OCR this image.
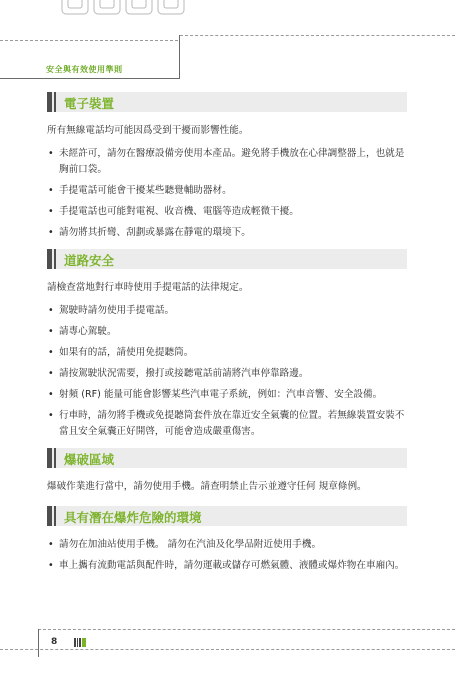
安全與有效使用準則
電子裝置

所有無線電話均可能因爲受到干擾而影響性能。

• 未經許可，請勿在醫療設備旁使用本產品。避免將手機放在心律調整器上，也就是胸前口袋。
• 手提電話可能會干擾某些聽覺輔助器材。
• 手提電話也可能對電視、收音機、電腦等造成輕微干擾。
• 請勿將其折彎、刮劃或暴露在靜電的環境下。
道路安全

請檢查當地對行車時使用手提電話的法律規定。

• 駕駛時請勿使用手提電話。
• 請專心駕駛。
• 如果有的話，請使用免提聽筒。
• 請按駕駛狀況需要，撥打或接聽電話前請將汽車停靠路邊。
• 射頻 (RF) 能量可能會影響某些汽車電子系統，例如：汽車音響、安全設備。
• 行車時，請勿將手機或免提聽筒套件放在靠近安全氣囊的位置。若無線裝置安裝不當且安全氣囊正好開啓，可能會造成嚴重傷害。
爆破區域

爆破作業進行當中，請勿使用手機。請查明禁止告示並遵守任何 規章條例。

具有潛在爆炸危險的環境
• 請勿在加油站使用手機。 請勿在汽油及化學品附近使用手機。
• 車上攜有流動電話與配件時，請勿運載或儲存可燃氣體、液體或爆炸物在車廂內。
8
